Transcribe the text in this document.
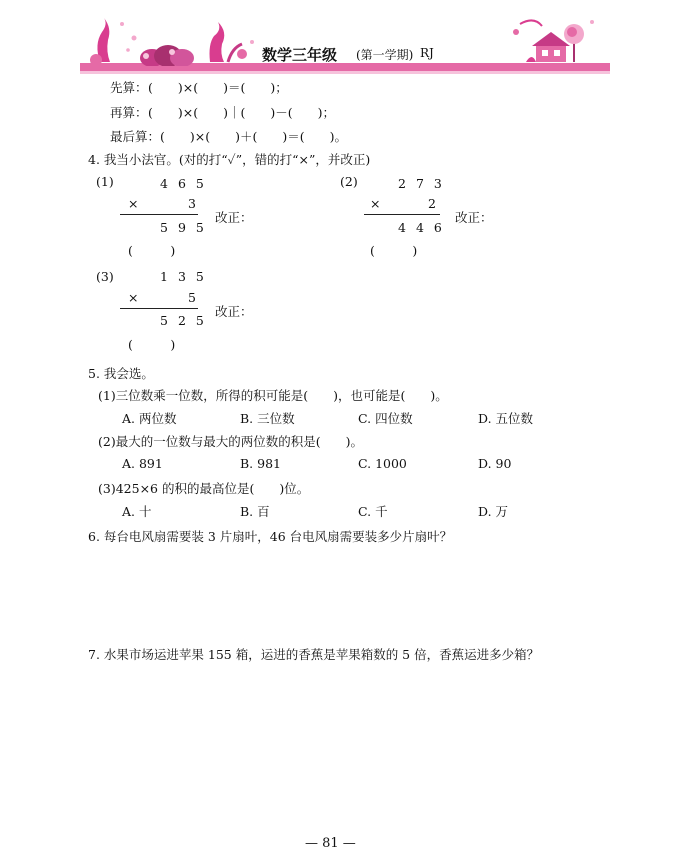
数学三年级 (第一学期) RJ
先算： (　　)×(　　)＝(　　)；
再算： (　　)×(　　)｜(　　)－(　　)；
最后算： (　　)×(　　)＋(　　)＝(　　)。
4. 我当小法官。(对的打“✓”，错的打“×”，并改正)
(1)	465
×	3
595
(　　　)
改正：
(2)	273
×	2
446
(　　　)
改正：
(3)	135
×	5
525
(　　　)
改正：
5. 我会选。
(1)三位数乘一位数，所得的积可能是(　　)，也可能是(　　)。
A. 两位数	B. 三位数	C. 四位数	D. 五位数
(2)最大的一位数与最大的两位数的积是(　　)。
A. 891	B. 981	C. 1000	D. 90
(3)425×6 的积的最高位是(　　)位。
A. 十	B. 百	C. 千	D. 万
6. 每台电风扇需要装 3 片扇叶，46 台电风扇需要装多少片扇叶？
7. 水果市场运进苹果 155 箱，运进的香蕉是苹果箱数的 5 倍，香蕉运进多少箱？
— 81 —
